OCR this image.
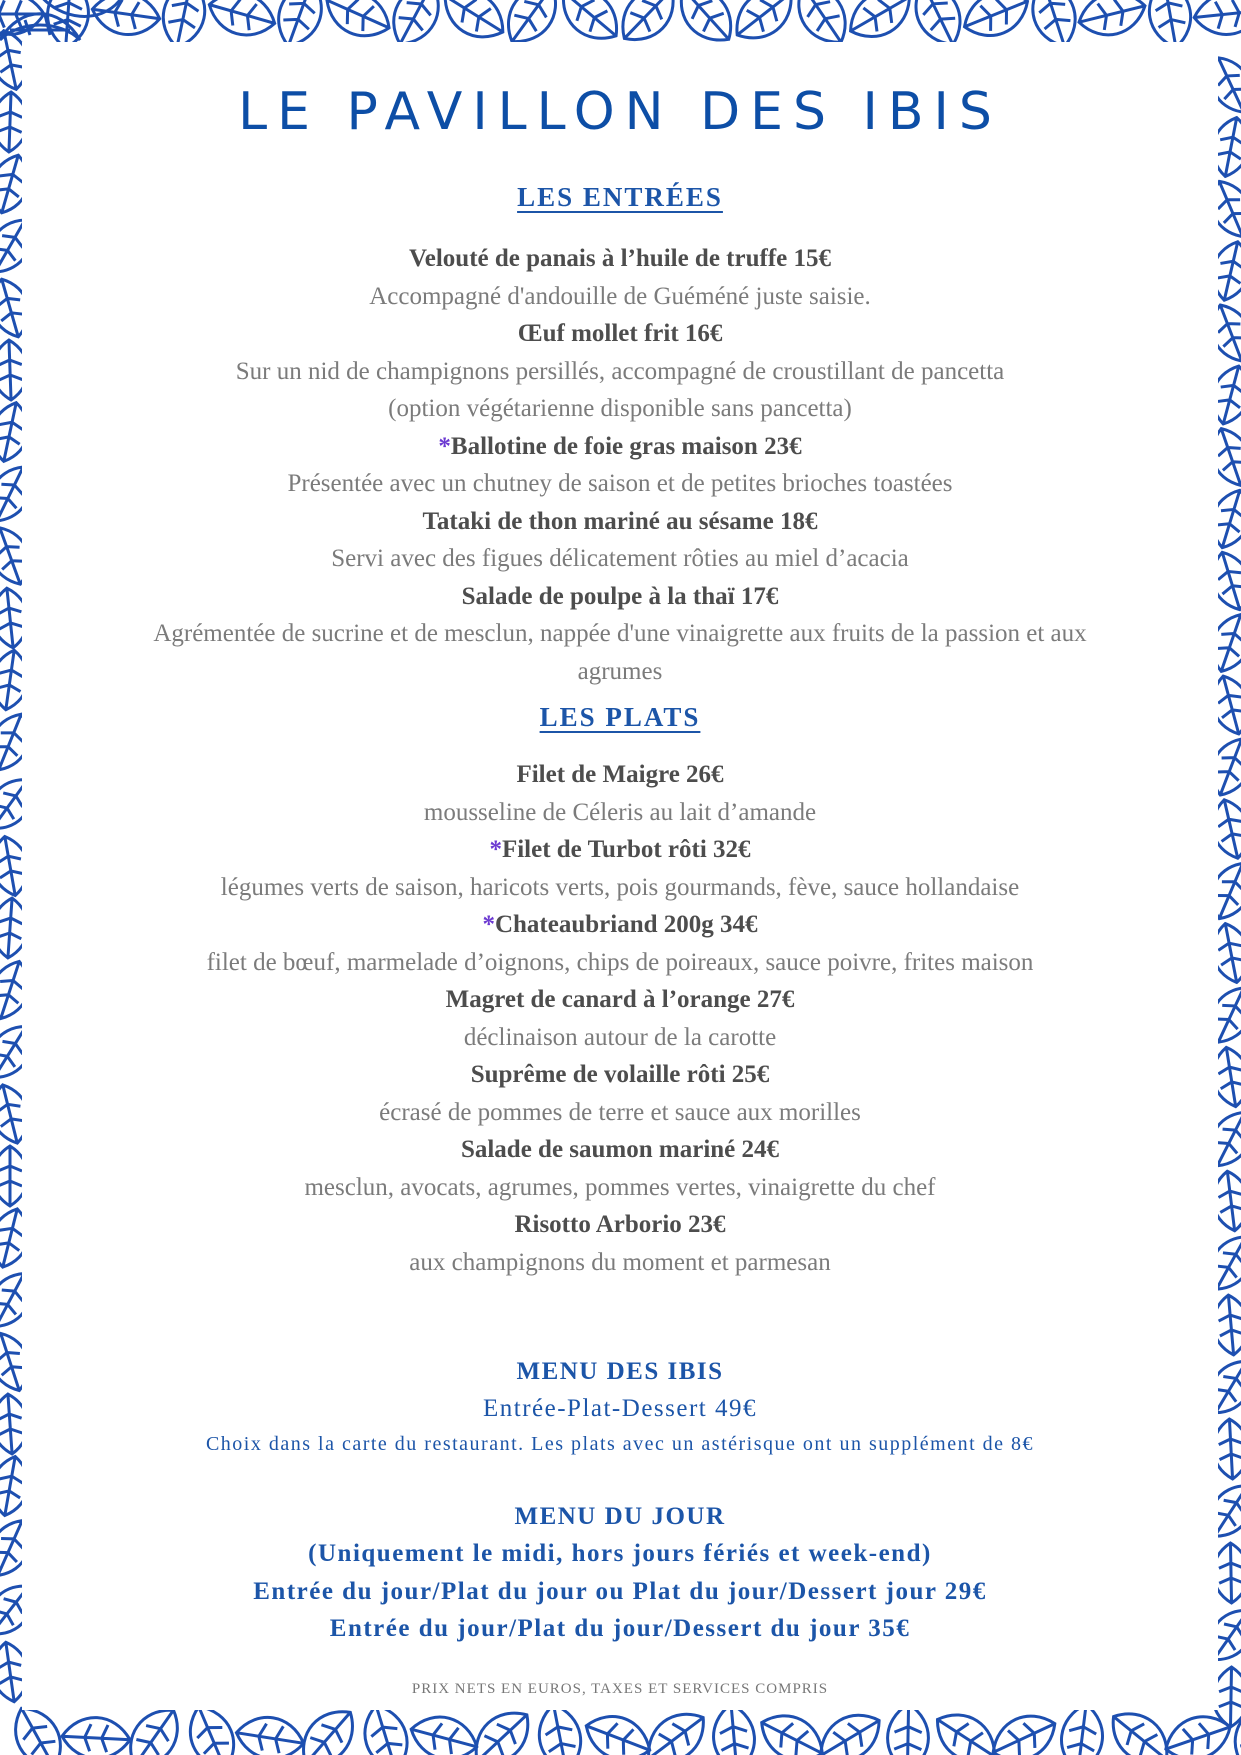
LE PAVILLON DES IBIS
LES ENTRÉES
Velouté de panais à l’huile de truffe 15€
Accompagné d'andouille de Guéméné juste saisie.
Œuf mollet frit 16€
Sur un nid de champignons persillés, accompagné de croustillant de pancetta
(option végétarienne disponible sans pancetta)
*Ballotine de foie gras maison 23€
Présentée avec un chutney de saison et de petites brioches toastées
Tataki de thon mariné au sésame 18€
Servi avec des figues délicatement rôties au miel d’acacia
Salade de poulpe à la thaï 17€
Agrémentée de sucrine et de mesclun, nappée d'une vinaigrette aux fruits de la passion et aux
agrumes
LES PLATS
Filet de Maigre 26€
mousseline de Céleris au lait d’amande
*Filet de Turbot rôti 32€
légumes verts de saison, haricots verts, pois gourmands, fève, sauce hollandaise
*Chateaubriand 200g 34€
filet de bœuf, marmelade d’oignons, chips de poireaux, sauce poivre, frites maison
Magret de canard à l’orange 27€
déclinaison autour de la carotte
Suprême de volaille rôti 25€
écrasé de pommes de terre et sauce aux morilles
Salade de saumon mariné 24€
mesclun, avocats, agrumes, pommes vertes, vinaigrette du chef
Risotto Arborio 23€
aux champignons du moment et parmesan
MENU DES IBIS
Entrée-Plat-Dessert 49€
Choix dans la carte du restaurant. Les plats avec un astérisque ont un supplément de 8€
MENU DU JOUR
(Uniquement le midi, hors jours fériés et week-end)
Entrée du jour/Plat du jour ou Plat du jour/Dessert jour 29€
Entrée du jour/Plat du jour/Dessert du jour 35€
PRIX NETS EN EUROS, TAXES ET SERVICES COMPRIS
